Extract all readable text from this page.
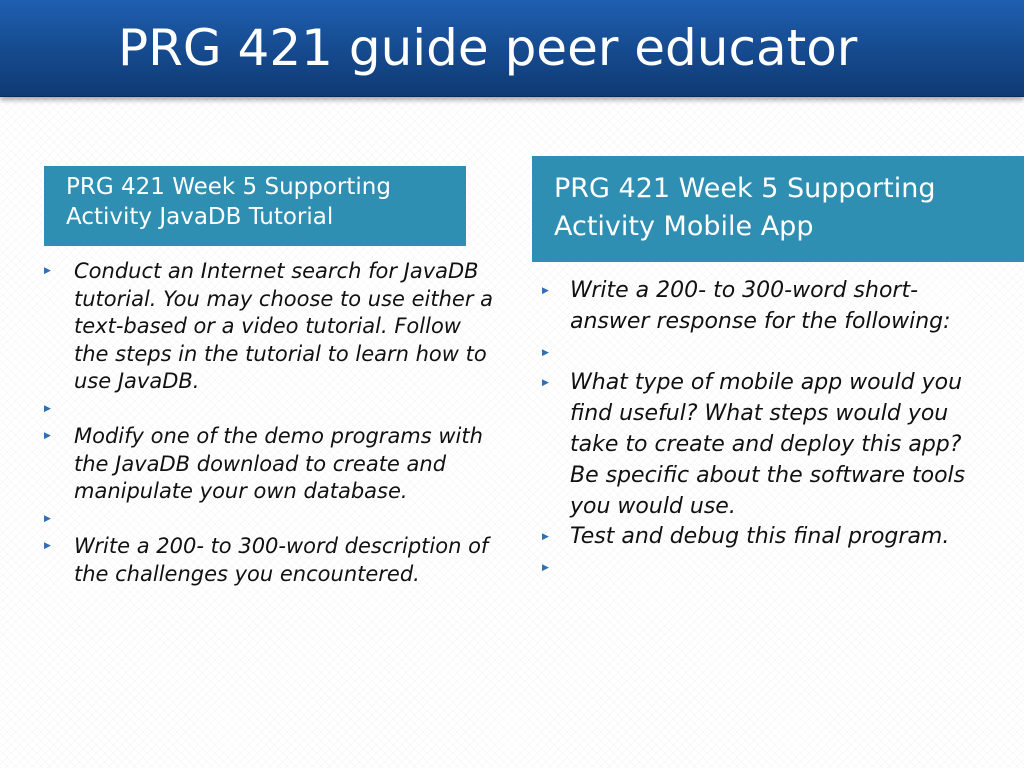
PRG 421 guide peer educator
PRG 421 Week 5 Supporting
Activity JavaDB Tutorial
PRG 421 Week 5 Supporting
Activity Mobile App
▶ Conduct an Internet search for JavaDB tutorial. You may choose to use either a text-based or a video tutorial. Follow the steps in the tutorial to learn how to use JavaDB.
▶

▶ Modify one of the demo programs with the JavaDB download to create and manipulate your own database.
▶

▶ Write a 200- to 300-word description of the challenges you encountered.
▶ Write a 200- to 300-word short-answer response for the following:
▶

▶ What type of mobile app would you find useful? What steps would you take to create and deploy this app? Be specific about the software tools you would use.
▶ Test and debug this final program.
▶
